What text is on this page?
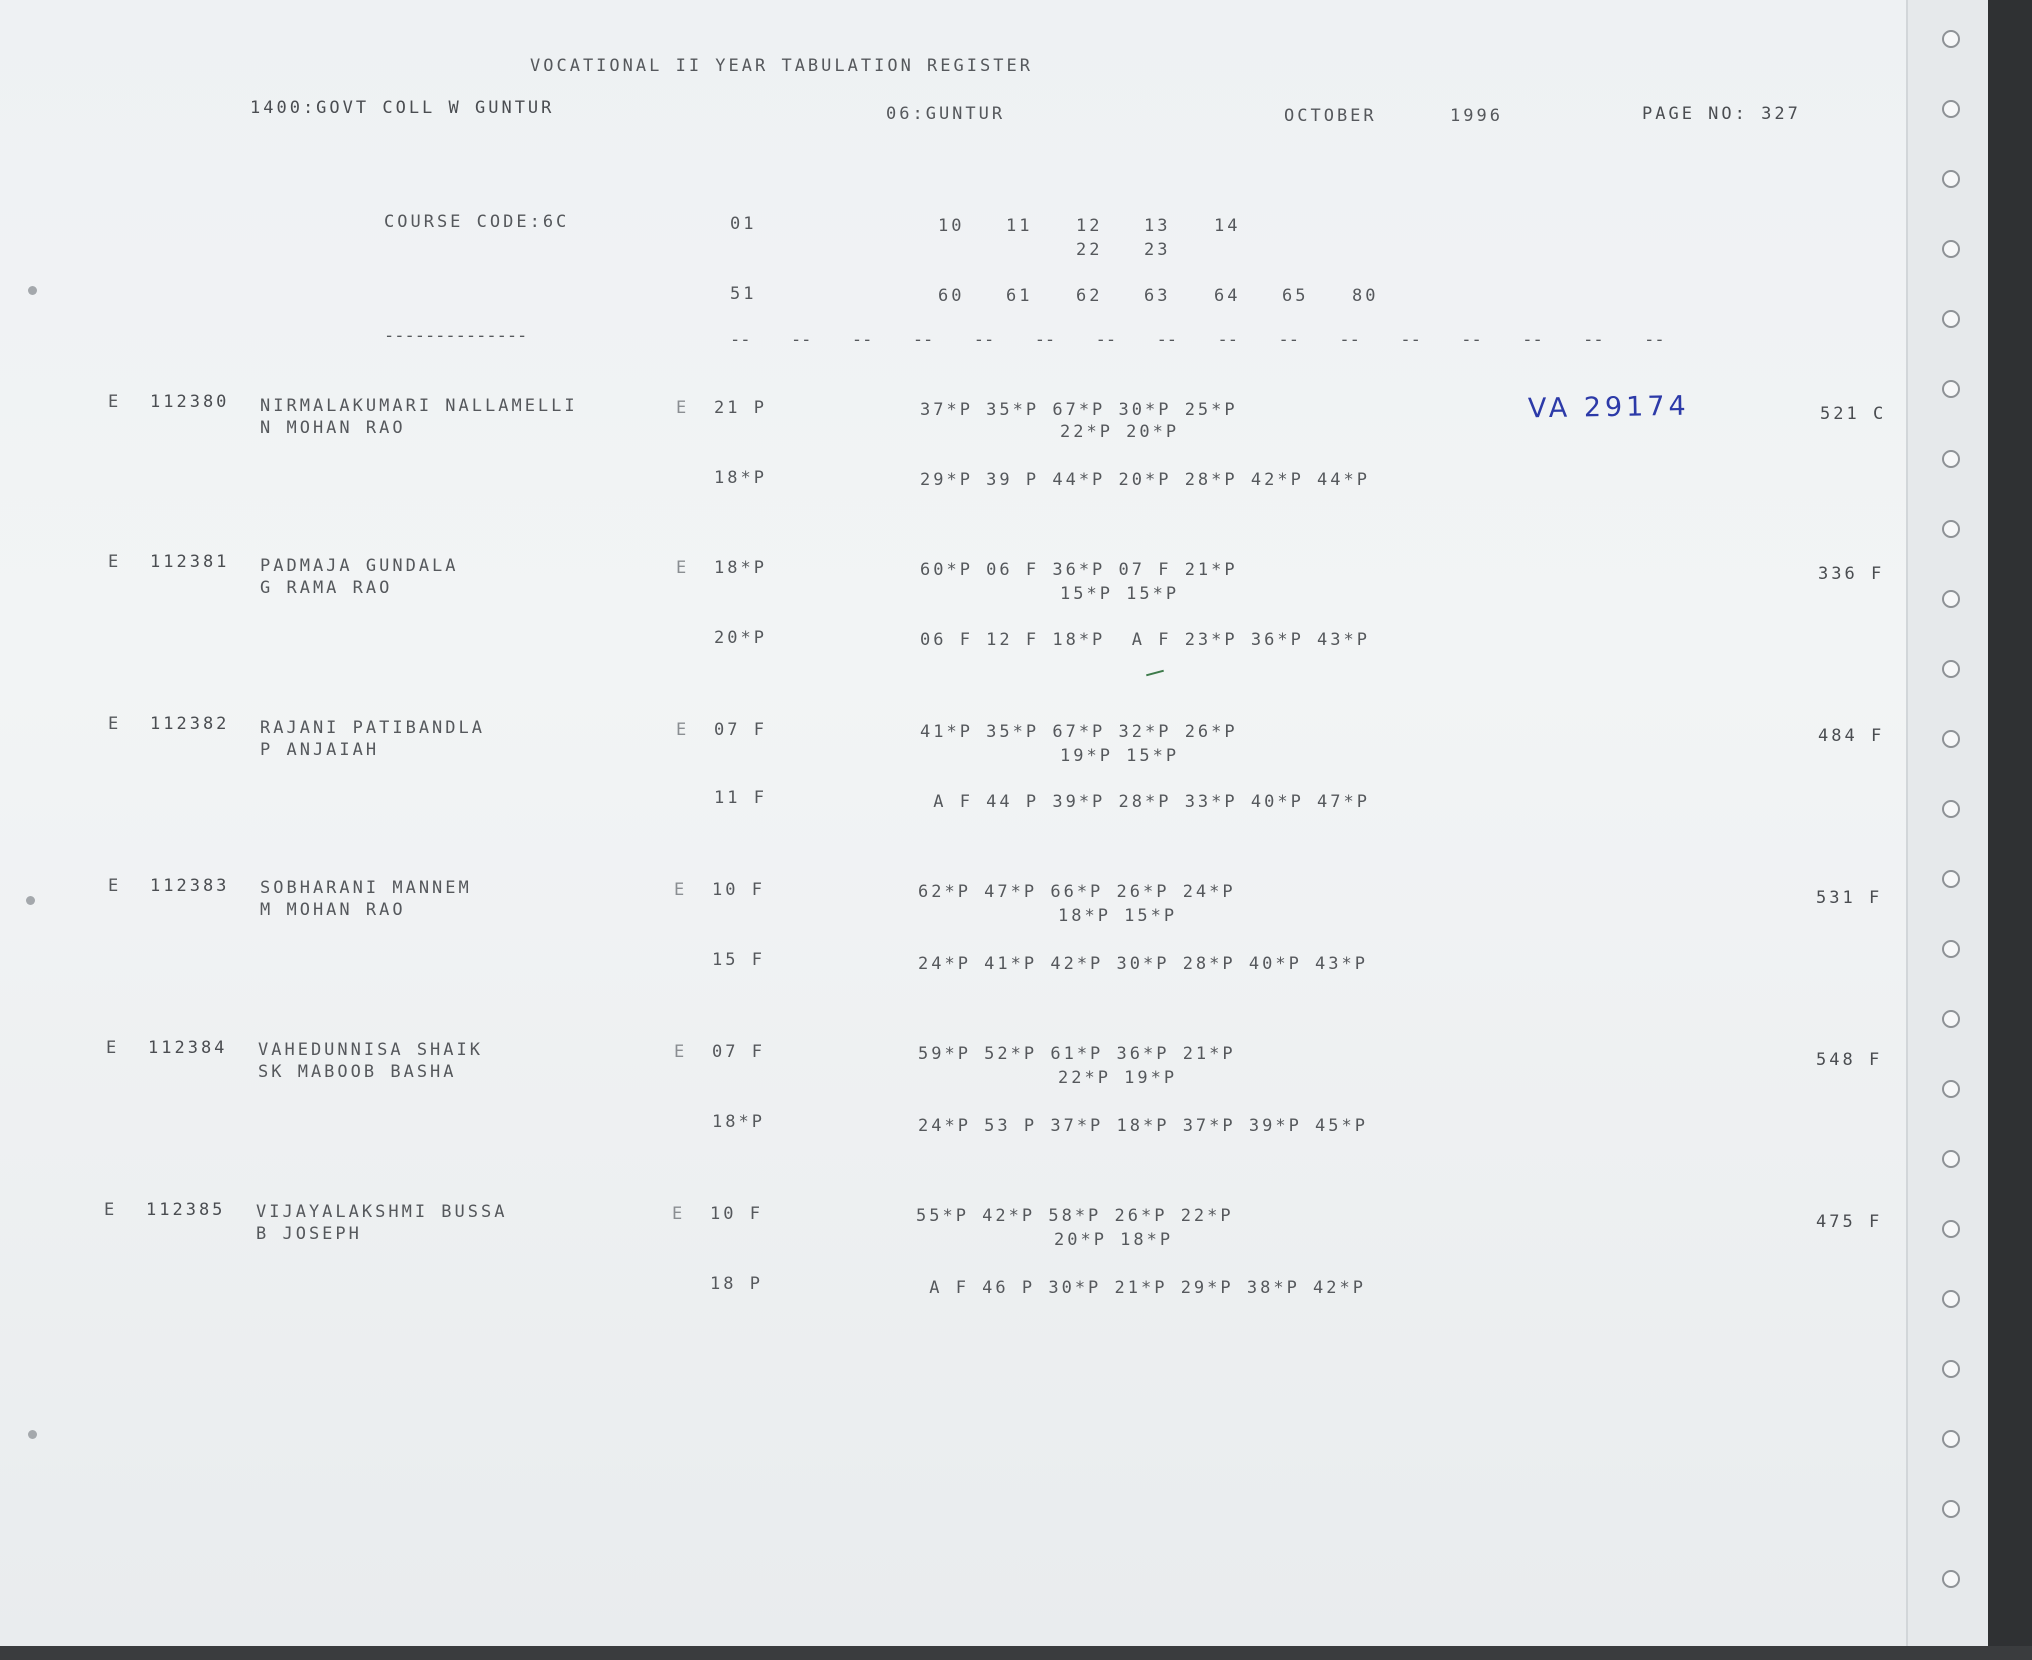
VOCATIONAL II YEAR TABULATION REGISTER
1400:GOVT COLL W GUNTUR	06:GUNTUR	OCTOBER	1996	PAGE NO: 327
COURSE CODE:6C	01	10 11	12 13	14
22 23
51	60 61	62 63	64 65	80
--------------	--  --  --  --  --  --  --  --  --  --  --  --  --  --  --  --
E 112380 NIRMALAKUMARI NALLAMELLI
N MOHAN RAO
E 21 P	37*P 35*P 67*P 30*P 25*P
22*P 20*P
18*P	29*P 39 P 44*P 20*P 28*P 42*P 44*P
521 C
VA 29174
E 112381 PADMAJA GUNDALA
G RAMA RAO
E 18*P	60*P 06 F 36*P 07 F 21*P
15*P 15*P
20*P	06 F 12 F 18*P  A F 23*P 36*P 43*P
336 F
E 112382 RAJANI PATIBANDLA
P ANJAIAH
E 07 F	41*P 35*P 67*P 32*P 26*P
19*P 15*P
11 F	A F 44 P 39*P 28*P 33*P 40*P 47*P
484 F
E 112383 SOBHARANI MANNEM
M MOHAN RAO
E 10 F	62*P 47*P 66*P 26*P 24*P
18*P 15*P
15 F	24*P 41*P 42*P 30*P 28*P 40*P 43*P
531 F
E 112384 VAHEDUNNISA SHAIK
SK MABOOB BASHA
E 07 F	59*P 52*P 61*P 36*P 21*P
22*P 19*P
18*P	24*P 53 P 37*P 18*P 37*P 39*P 45*P
548 F
E 112385 VIJAYALAKSHMI BUSSA
B JOSEPH
E 10 F	55*P 42*P 58*P 26*P 22*P
20*P 18*P
18 P	A F 46 P 30*P 21*P 29*P 38*P 42*P
475 F
